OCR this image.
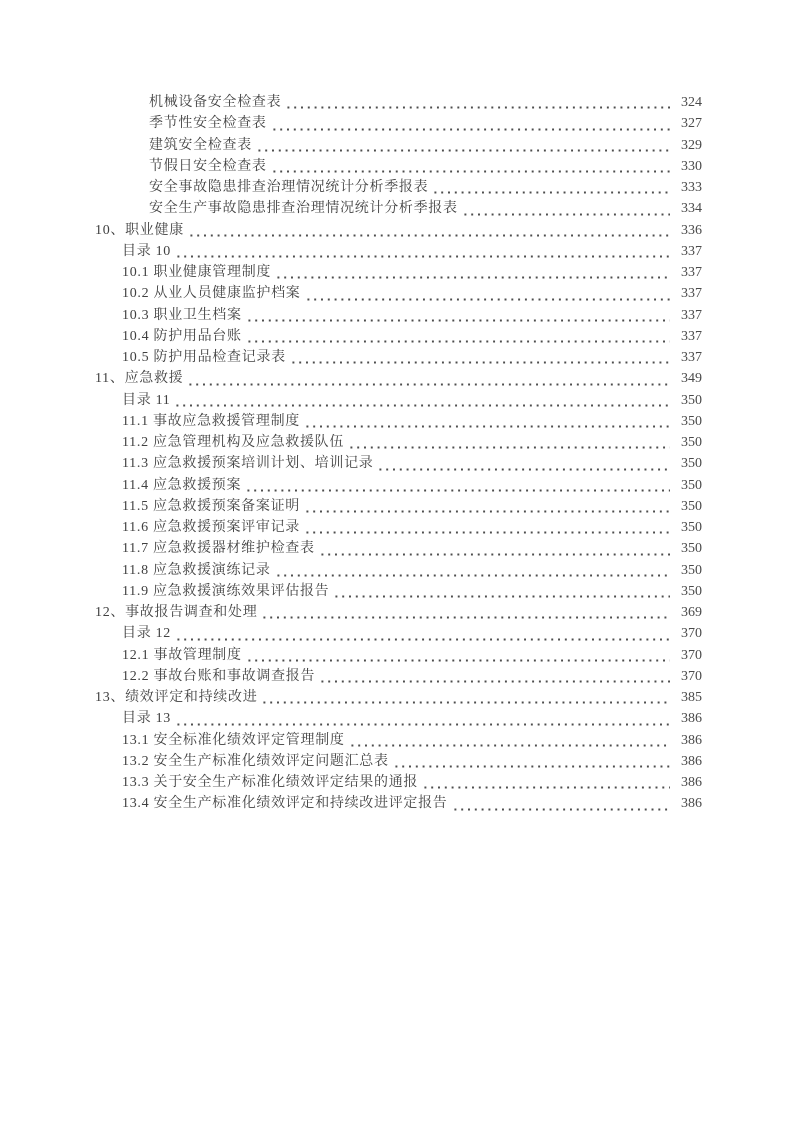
机械设备安全检查表	324
季节性安全检查表	327
建筑安全检查表	329
节假日安全检查表	330
安全事故隐患排查治理情况统计分析季报表	333
安全生产事故隐患排查治理情况统计分析季报表	334
10、职业健康	336
目录 10	337
10.1 职业健康管理制度	337
10.2 从业人员健康监护档案	337
10.3 职业卫生档案	337
10.4 防护用品台账	337
10.5 防护用品检查记录表	337
11、应急救援	349
目录 11	350
11.1 事故应急救援管理制度	350
11.2 应急管理机构及应急救援队伍	350
11.3 应急救援预案培训计划、培训记录	350
11.4 应急救援预案	350
11.5 应急救援预案备案证明	350
11.6 应急救援预案评审记录	350
11.7 应急救援器材维护检查表	350
11.8 应急救援演练记录	350
11.9 应急救援演练效果评估报告	350
12、事故报告调查和处理	369
目录 12	370
12.1 事故管理制度	370
12.2 事故台账和事故调查报告	370
13、绩效评定和持续改进	385
目录 13	386
13.1 安全标准化绩效评定管理制度	386
13.2 安全生产标准化绩效评定问题汇总表	386
13.3 关于安全生产标准化绩效评定结果的通报	386
13.4 安全生产标准化绩效评定和持续改进评定报告	386
